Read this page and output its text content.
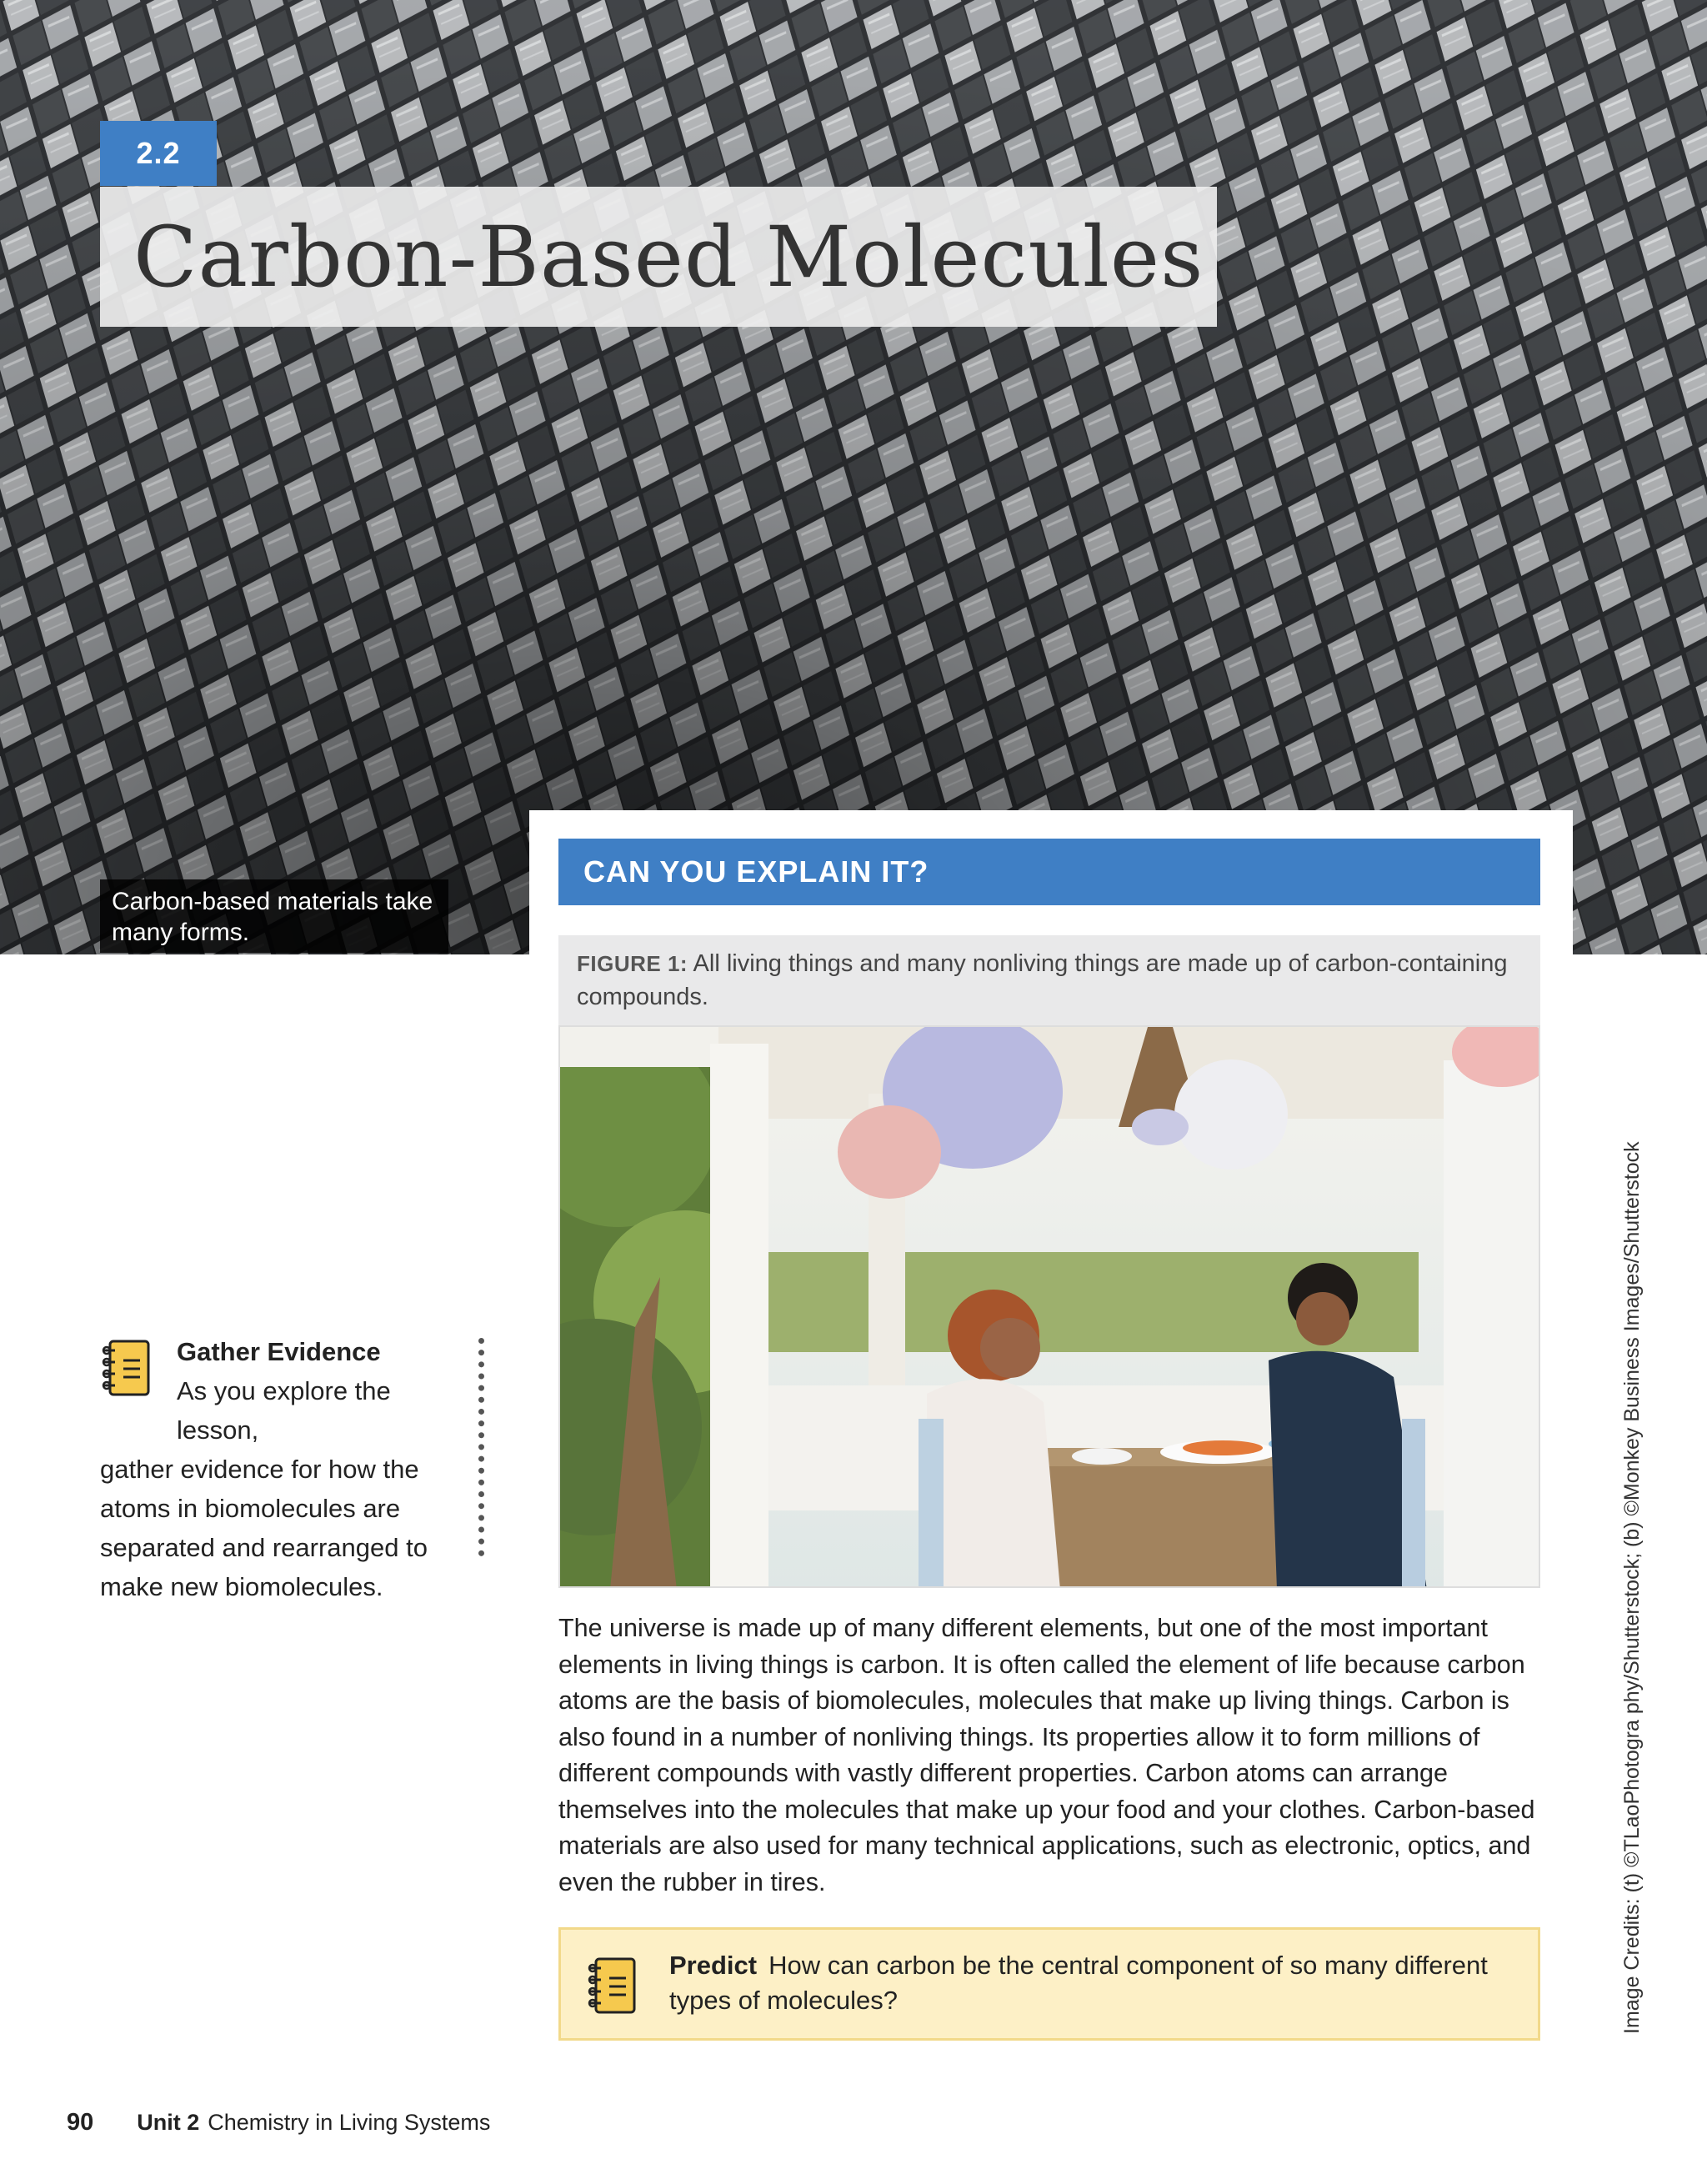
2.2
Carbon-Based Molecules
Carbon-based materials take many forms.
CAN YOU EXPLAIN IT?
FIGURE 1: All living things and many nonliving things are made up of carbon-containing compounds.

The universe is made up of many different elements, but one of the most important elements in living things is carbon. It is often called the element of life because carbon atoms are the basis of biomolecules, molecules that make up living things. Carbon is also found in a number of nonliving things. Its properties allow it to form millions of different compounds with vastly different properties. Carbon atoms can arrange themselves into the molecules that make up your food and your clothes. Carbon-based materials are also used for many technical applications, such as electronic, optics, and even the rubber in tires.

Predict How can carbon be the central component of so many different types of molecules?
Gather Evidence
As you explore the lesson,
gather evidence for how the atoms in biomolecules are separated and rearranged to make new biomolecules.	Image Credits: (t) ©TLaoPhotogra phy/Shutterstock; (b) ©Monkey Business Images/Shutterstock
90 Unit 2 Chemistry in Living Systems
